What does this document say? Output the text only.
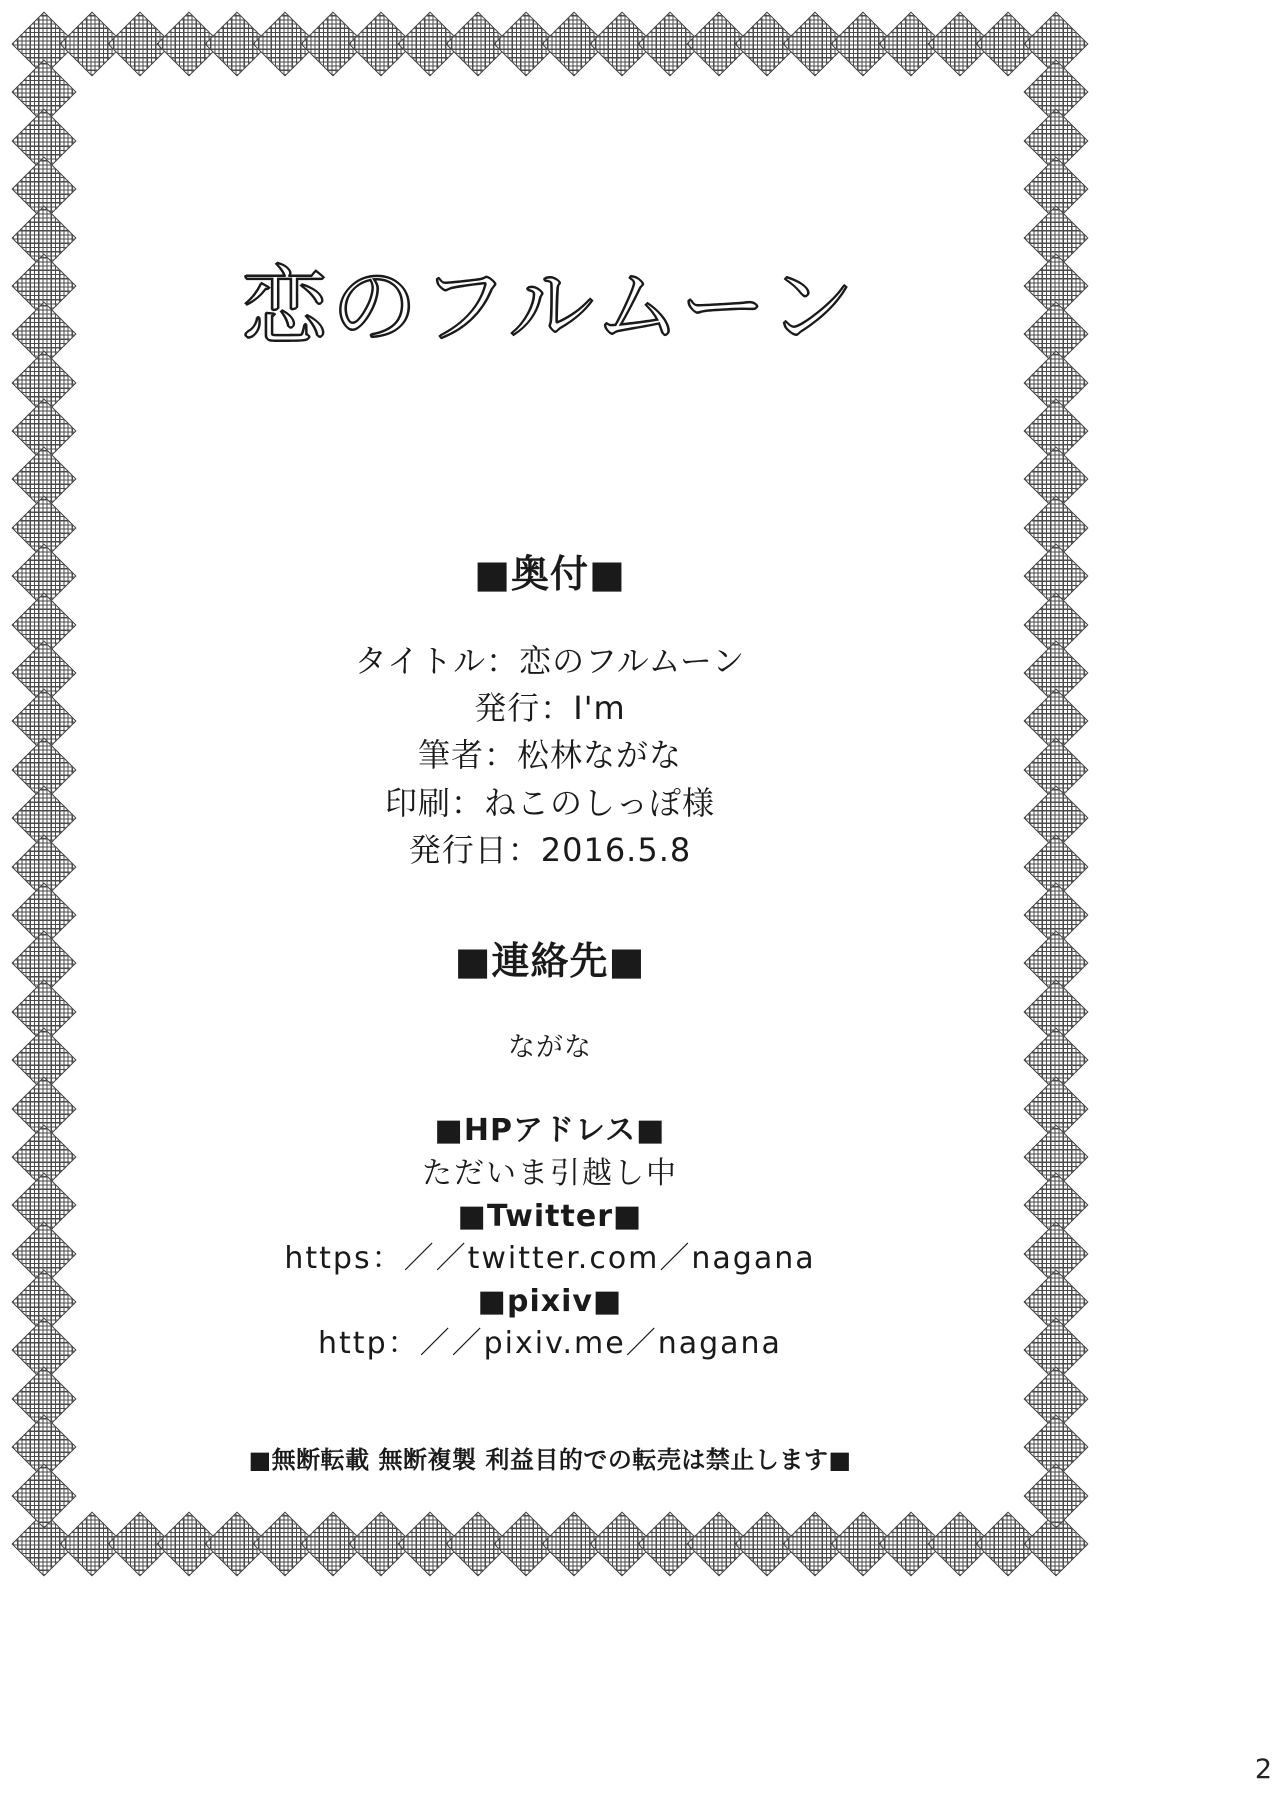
恋のフルムーン
■奥付■
タイトル：恋のフルムーン
発行：I'm
筆者：松林ながな
印刷：ねこのしっぽ様
発行日：2016.5.8
■連絡先■

ながな

■HPアドレス■
ただいま引越し中
■Twitter■
https：／／twitter.com／nagana
■pixiv■
http：／／pixiv.me／nagana
■無断転載 無断複製 利益目的での転売は禁止します■
2
